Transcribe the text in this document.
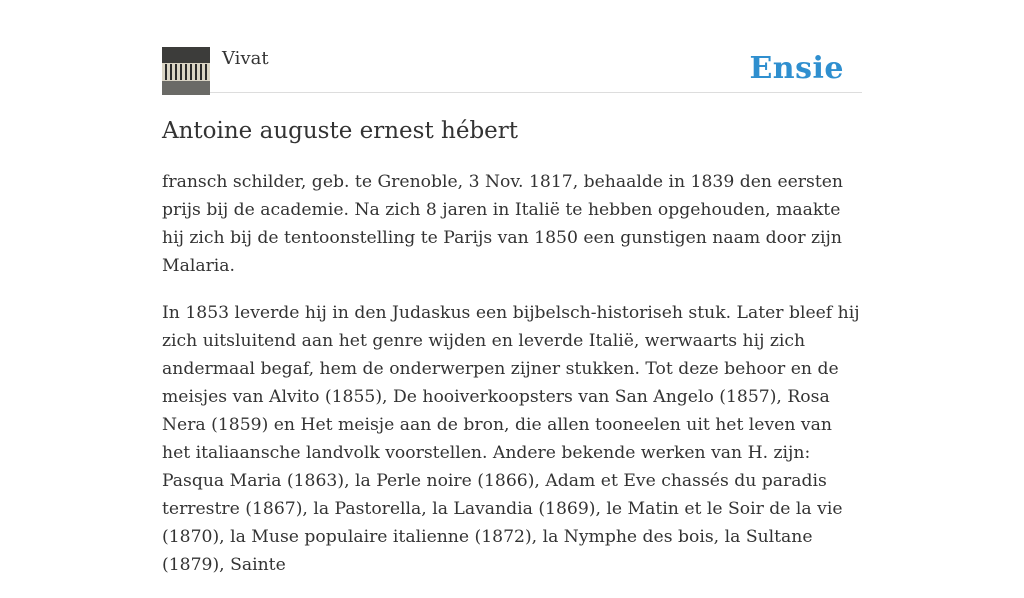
Vivat	Ensie
Antoine auguste ernest hébert

fransch schilder, geb. te Grenoble, 3 Nov. 1817, behaalde in 1839 den eersten prijs bij de academie. Na zich 8 jaren in Italië te hebben opgehouden, maakte hij zich bij de tentoonstelling te Parijs van 1850 een gunstigen naam door zijn Malaria.

In 1853 leverde hij in den Judaskus een bijbelsch-historiseh stuk. Later bleef hij zich uitsluitend aan het genre wijden en leverde Italië, werwaarts hij zich andermaal begaf, hem de onderwerpen zijner stukken. Tot deze behoor en de meisjes van Alvito (1855), De hooiverkoopsters van San Angelo (1857), Rosa Nera (1859) en Het meisje aan de bron, die allen tooneelen uit het leven van het italiaansche landvolk voorstellen. Andere bekende werken van H. zijn: Pasqua Maria (1863), la Perle noire (1866), Adam et Eve chassés du paradis terrestre (1867), la Pastorella, la Lavandia (1869), le Matin et le Soir de la vie (1870), la Muse populaire italienne (1872), la Nymphe des bois, la Sultane (1879), Sainte
